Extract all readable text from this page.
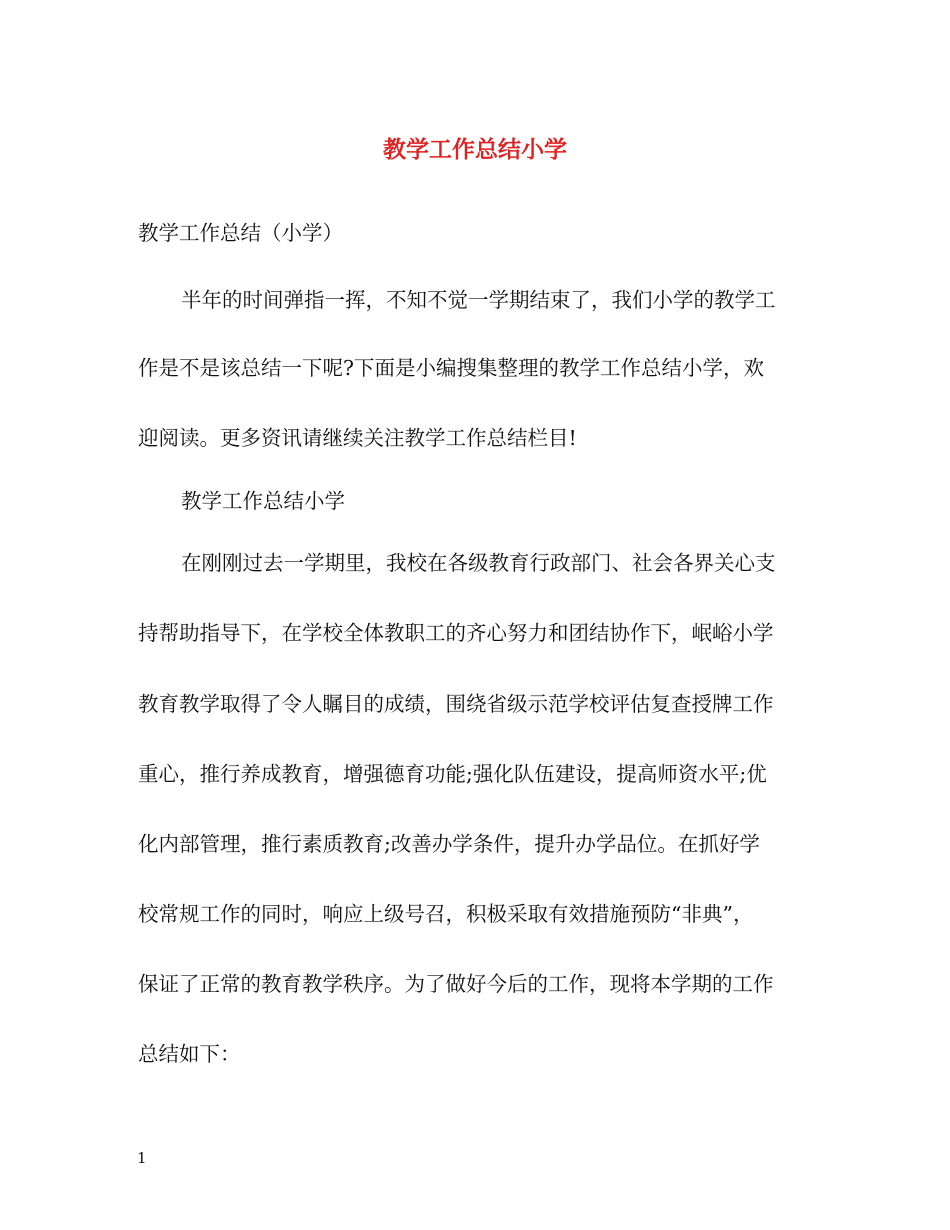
教学工作总结小学

教学工作总结（小学）

半年的时间弹指一挥，不知不觉一学期结束了，我们小学的教学工

作是不是该总结一下呢?下面是小编搜集整理的教学工作总结小学，欢

迎阅读。更多资讯请继续关注教学工作总结栏目!

教学工作总结小学

在刚刚过去一学期里，我校在各级教育行政部门、社会各界关心支

持帮助指导下，在学校全体教职工的齐心努力和团结协作下，岷峪小学

教育教学取得了令人瞩目的成绩，围绕省级示范学校评估复查授牌工作

重心，推行养成教育，增强德育功能;强化队伍建设，提高师资水平;优

化内部管理，推行素质教育;改善办学条件，提升办学品位。在抓好学

校常规工作的同时，响应上级号召，积极采取有效措施预防“非典”，

保证了正常的教育教学秩序。为了做好今后的工作，现将本学期的工作

总结如下：

1
